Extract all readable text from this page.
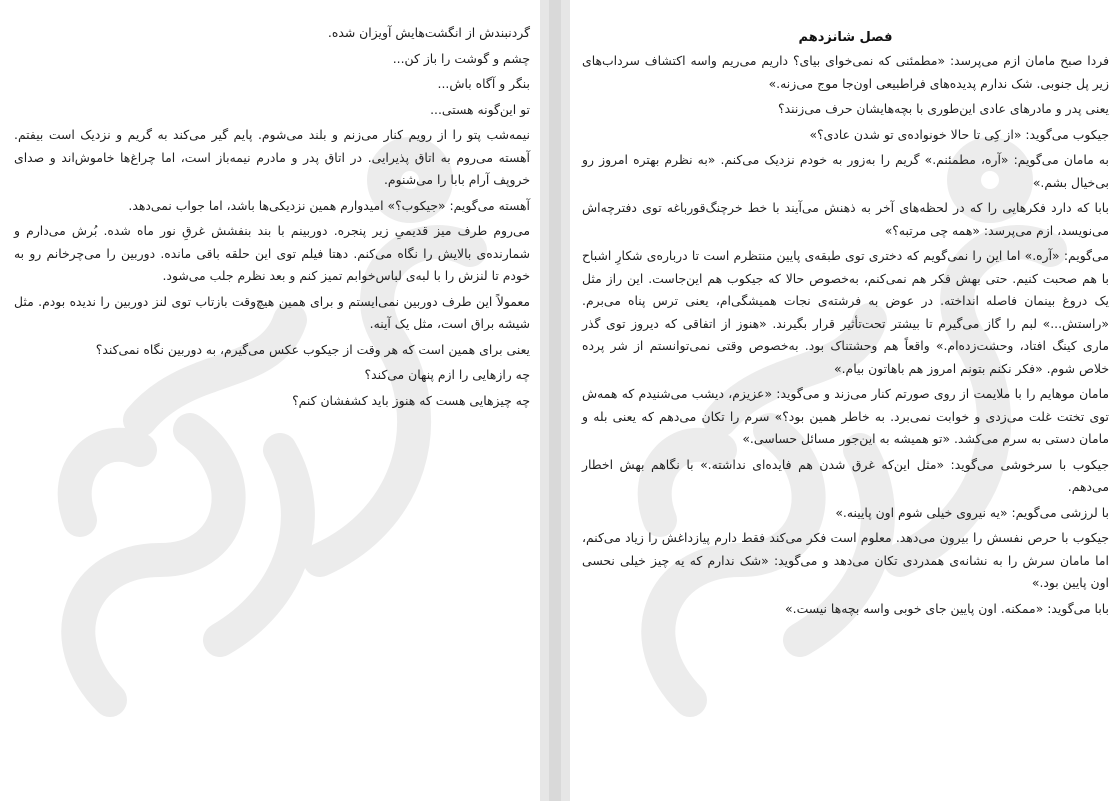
فصل شانزدهم

فردا صبح مامان ازم می‌پرسد: «مطمئنی که نمی‌خوای بیای؟ داریم می‌ریم واسه اکتشاف سرداب‌های زیر پل جنوبی. شک ندارم پدیده‌های فراطبیعی اون‌جا موج می‌زنه.»

یعنی پدر و مادرهای عادی این‌طوری با بچه‌هایشان حرف می‌زنند؟

جیکوب می‌گوید: «از کِی تا حالا خونواده‌ی تو شدن عادی؟»

به مامان می‌گویم: «آره، مطمئنم.» گریم را به‌زور به خودم نزدیک می‌کنم. «به نظرم بهتره امروز رو بی‌خیال بشم.»

بابا که دارد فکرهایی را که در لحظه‌های آخر به ذهنش می‌آیند با خط خرچنگ‌قورباغه توی دفترچه‌اش می‌نویسد، ازم می‌پرسد: «همه چی مرتبه؟»

می‌گویم: «آره.» اما این را نمی‌گویم که دختری توی طبقه‌ی پایین منتظرم است تا درباره‌ی شکارِ اشباح با هم صحبت کنیم. حتی بهش فکر هم نمی‌کنم، به‌خصوص حالا که جیکوب هم این‌جاست. این راز مثل یک دروغ بینمان فاصله انداخته. در عوض به فرشته‌ی نجات همیشگی‌ام، یعنی ترس پناه می‌برم. «راستش...» لبم را گاز می‌گیرم تا بیشتر تحت‌تأثیر قرار بگیرند. «هنوز از اتفاقی که دیروز توی گذر ماری کینگ افتاد، وحشت‌زده‌ام.» واقعاً هم وحشتناک بود. به‌خصوص وقتی نمی‌توانستم از شر پرده خلاص شوم. «فکر نکنم بتونم امروز هم باهاتون بیام.»

مامان موهایم را با ملایمت از روی صورتم کنار می‌زند و می‌گوید: «عزیزم، دیشب می‌شنیدم که همه‌ش توی تختت غلت می‌زدی و خوابت نمی‌برد. به خاطر همین بود؟» سرم را تکان می‌دهم که یعنی بله و مامان دستی به سرم می‌کشد. «تو همیشه به این‌جور مسائل حساسی.»

جیکوب با سرخوشی می‌گوید: «مثل این‌که غرق شدن هم فایده‌ای نداشته.» با نگاهم بهش اخطار می‌دهم.

با لرزشی می‌گویم: «یه نیروی خیلی شوم اون پایینه.»

جیکوب با حرص نفسش را بیرون می‌دهد. معلوم است فکر می‌کند فقط دارم پیازداغش را زیاد می‌کنم، اما مامان سرش را به نشانه‌ی همدردی تکان می‌دهد و می‌گوید: «شک ندارم که یه چیز خیلی نحسی اون پایین بود.»

بابا می‌گوید: «ممکنه. اون پایین جای خوبی واسه بچه‌ها نیست.»

گردنبندش از انگشت‌هایش آویزان شده.

چشم و گوشت را باز کن...

بنگر و آگاه باش...

تو این‌گونه هستی...

نیمه‌شب پتو را از رویم کنار می‌زنم و بلند می‌شوم. پایم گیر می‌کند به گریم و نزدیک است بیفتم. آهسته می‌روم به اتاق پذیرایی. در اتاق پدر و مادرم نیمه‌باز است، اما چراغ‌ها خاموش‌اند و صدای خروپف آرام بابا را می‌شنوم.

آهسته می‌گویم: «جیکوب؟» امیدوارم همین نزدیکی‌ها باشد، اما جواب نمی‌دهد.

می‌روم طرف میز قدیمیِ زیر پنجره. دوربینم با بند بنفشش غرقِ نور ماه شده. بُرش می‌دارم و شمارنده‌ی بالایش را نگاه می‌کنم. دهتا فیلم توی این حلقه باقی مانده. دوربین را می‌چرخانم رو به خودم تا لنزش را با لبه‌ی لباس‌خوابم تمیز کنم و بعد نظرم جلب می‌شود.

معمولاً این طرف دوربین نمی‌ایستم و برای همین هیچ‌وقت بازتاب توی لنز دوربین را ندیده بودم. مثل شیشه براق است، مثل یک آینه.

یعنی برای همین است که هر وقت از جیکوب عکس می‌گیرم، به دوربین نگاه نمی‌کند؟

چه رازهایی را ازم پنهان می‌کند؟

چه چیزهایی هست که هنوز باید کشفشان کنم؟
